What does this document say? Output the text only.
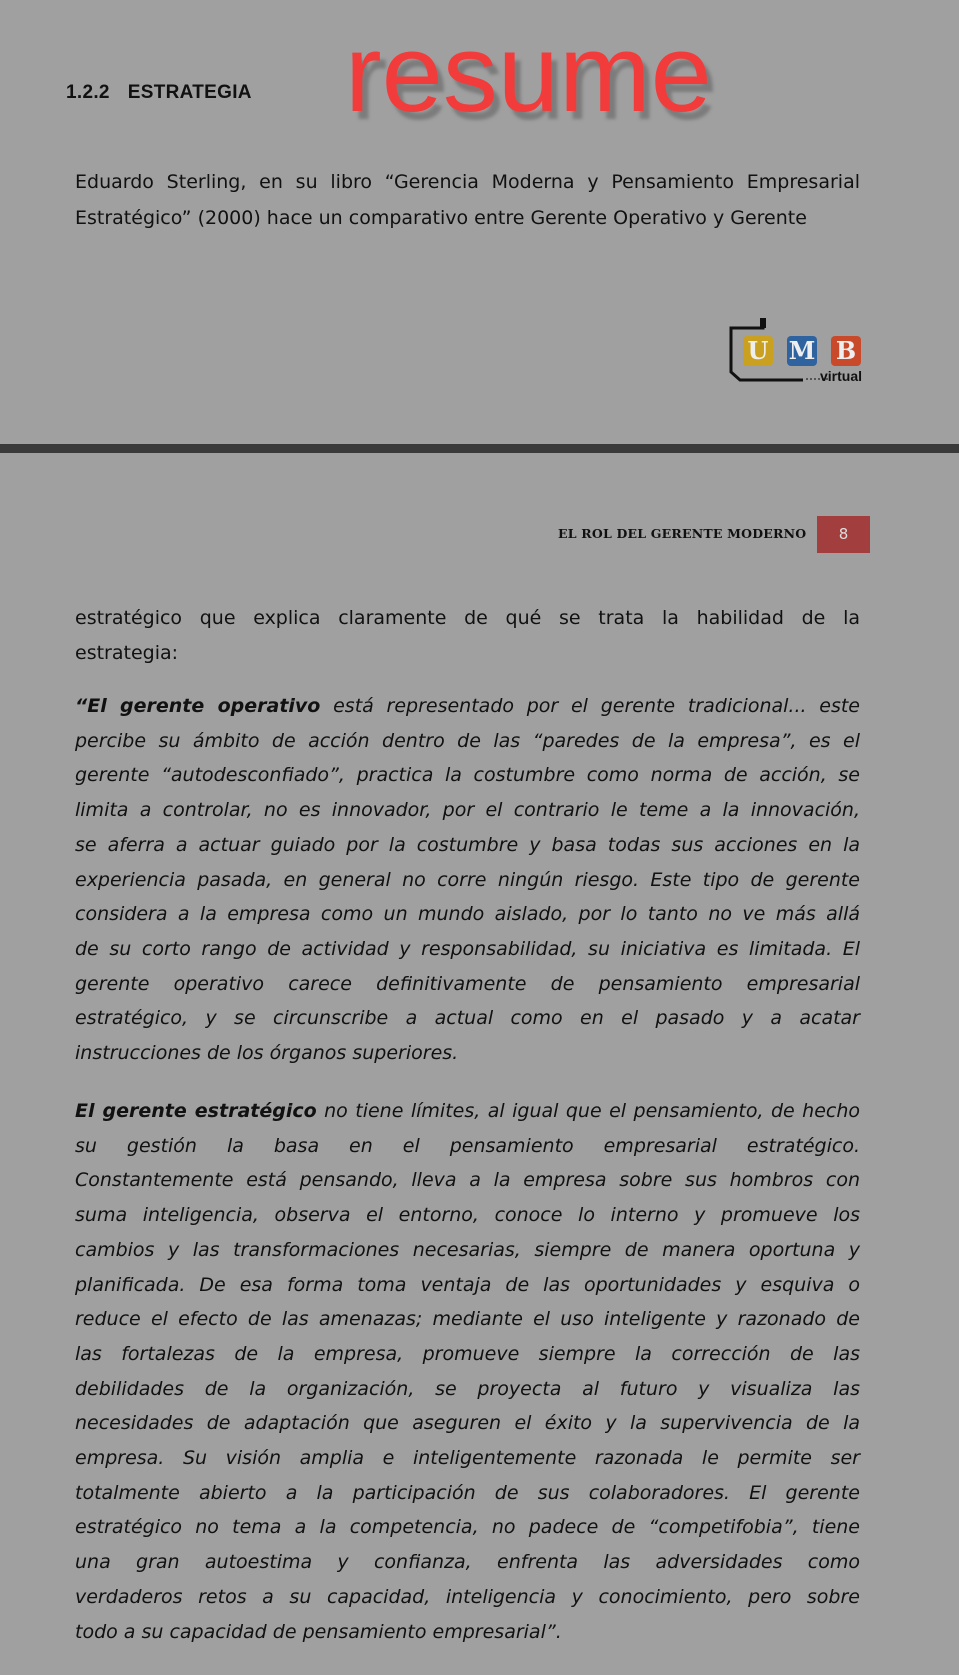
1.2.2 ESTRATEGIA resume
Eduardo Sterling, en su libro “Gerencia Moderna y Pensamiento Empresarial
Estratégico” (2000) hace un comparativo entre Gerente Operativo y Gerente
U M B
virtual
EL ROL DEL GERENTE MODERNO	8
estratégico que explica claramente de qué se trata la habilidad de la
estrategia:
“El gerente operativo está representado por el gerente tradicional... este
percibe su ámbito de acción dentro de las “paredes de la empresa”, es el
gerente “autodesconfiado”, practica la costumbre como norma de acción, se
limita a controlar, no es innovador, por el contrario le teme a la innovación,
se aferra a actuar guiado por la costumbre y basa todas sus acciones en la
experiencia pasada, en general no corre ningún riesgo. Este tipo de gerente
considera a la empresa como un mundo aislado, por lo tanto no ve más allá
de su corto rango de actividad y responsabilidad, su iniciativa es limitada. El
gerente operativo carece definitivamente de pensamiento empresarial
estratégico, y se circunscribe a actual como en el pasado y a acatar
instrucciones de los órganos superiores.
El gerente estratégico no tiene límites, al igual que el pensamiento, de hecho
su gestión la basa en el pensamiento empresarial estratégico.
Constantemente está pensando, lleva a la empresa sobre sus hombros con
suma inteligencia, observa el entorno, conoce lo interno y promueve los
cambios y las transformaciones necesarias, siempre de manera oportuna y
planificada. De esa forma toma ventaja de las oportunidades y esquiva o
reduce el efecto de las amenazas; mediante el uso inteligente y razonado de
las fortalezas de la empresa, promueve siempre la corrección de las
debilidades de la organización, se proyecta al futuro y visualiza las
necesidades de adaptación que aseguren el éxito y la supervivencia de la
empresa. Su visión amplia e inteligentemente razonada le permite ser
totalmente abierto a la participación de sus colaboradores. El gerente
estratégico no tema a la competencia, no padece de “competifobia”, tiene
una gran autoestima y confianza, enfrenta las adversidades como
verdaderos retos a su capacidad, inteligencia y conocimiento, pero sobre
todo a su capacidad de pensamiento empresarial”.
